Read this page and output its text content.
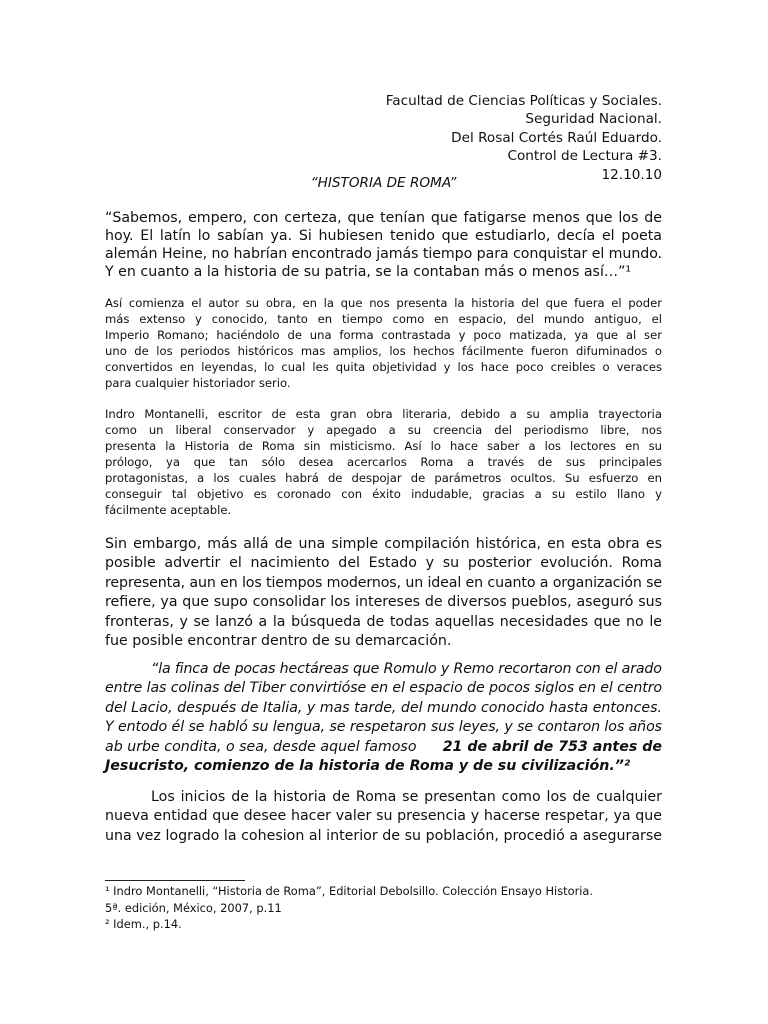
Facultad de Ciencias Políticas y Sociales.
Seguridad Nacional.
Del Rosal Cortés Raúl Eduardo.
Control de Lectura #3.
12.10.10
“HISTORIA DE ROMA”
“Sabemos, empero, con certeza, que tenían que fatigarse menos que los de
hoy. El latín lo sabían ya. Si hubiesen tenido que estudiarlo, decía el poeta
alemán Heine, no habrían encontrado jamás tiempo para conquistar el mundo.
Y en cuanto a la historia de su patria, se la contaban más o menos así…”¹
Así comienza el autor su obra, en la que nos presenta la historia del que fuera el poder
más extenso y conocido, tanto en tiempo como en espacio, del mundo antiguo, el
Imperio Romano; haciéndolo de una forma contrastada y poco matizada, ya que al ser
uno de los periodos históricos mas amplios, los hechos fácilmente fueron difuminados o
convertidos en leyendas, lo cual les quita objetividad y los hace poco creibles o veraces
para cualquier historiador serio.
Indro Montanelli, escritor de esta gran obra literaria, debido a su amplia trayectoria
como un liberal conservador y apegado a su creencia del periodismo libre, nos
presenta la Historia de Roma sin misticismo. Así lo hace saber a los lectores en su
prólogo, ya que tan sólo desea acercarlos Roma a través de sus principales
protagonistas, a los cuales habrá de despojar de parámetros ocultos. Su esfuerzo en
conseguir tal objetivo es coronado con éxito indudable, gracias a su estilo llano y
fácilmente aceptable.
Sin embargo, más allá de una simple compilación histórica, en esta obra es
posible advertir el nacimiento del Estado y su posterior evolución. Roma
representa, aun en los tiempos modernos, un ideal en cuanto a organización se
refiere, ya que supo consolidar los intereses de diversos pueblos, aseguró sus
fronteras, y se lanzó a la búsqueda de todas aquellas necesidades que no le
fue posible encontrar dentro de su demarcación.
“la finca de pocas hectáreas que Romulo y Remo recortaron con el arado
entre las colinas del Tiber convirtióse en el espacio de pocos siglos en el centro
del Lacio, después de Italia, y mas tarde, del mundo conocido hasta entonces.
Y entodo él se habló su lengua, se respetaron sus leyes, y se contaron los años
ab urbe condita, o sea, desde aquel famoso 21 de abril de 753 antes de
Jesucristo, comienzo de la historia de Roma y de su civilización.”²
Los inicios de la historia de Roma se presentan como los de cualquier
nueva entidad que desee hacer valer su presencia y hacerse respetar, ya que
una vez logrado la cohesion al interior de su población, procedió a asegurarse
¹ Indro Montanelli, “Historia de Roma”, Editorial Debolsillo. Colección Ensayo Historia.
5ª. edición, México, 2007, p.11
² Idem., p.14.
